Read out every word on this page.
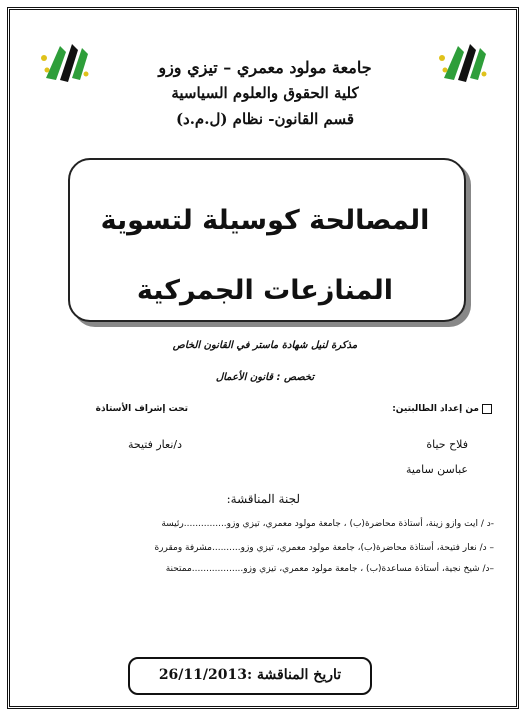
جامعة مولود معمري – تيزي وزو
كلية الحقوق والعلوم السياسية
قسم القانون- نظام (ل.م.د)
المصالحة كوسيلة لتسوية
المنازعات الجمركية
مذكرة لنيل شهادة ماستر في القانون الخاص
تخصص : قانون الأعمال
من إعداد الطالبتين:
تحت إشراف الأستاذة
فلاح حياة
عباسن سامية
د/نعار فتيحة
لجنة المناقشة:
-د / ايت وازو زينة، أستاذة محاضرة(ب) ، جامعة مولود معمري، تيزي وزو...............رئيسة
– د/ نعار فتيحة، أستاذة محاضرة(ب)، جامعة مولود معمري، تيزي وزو..........مشرفة ومقررة
–د/ شيخ نجية، أستاذة مساعدة(ب) ، جامعة مولود معمري، تيزي وزو..................ممتحنة
تاريخ المناقشة :26/11/2013
